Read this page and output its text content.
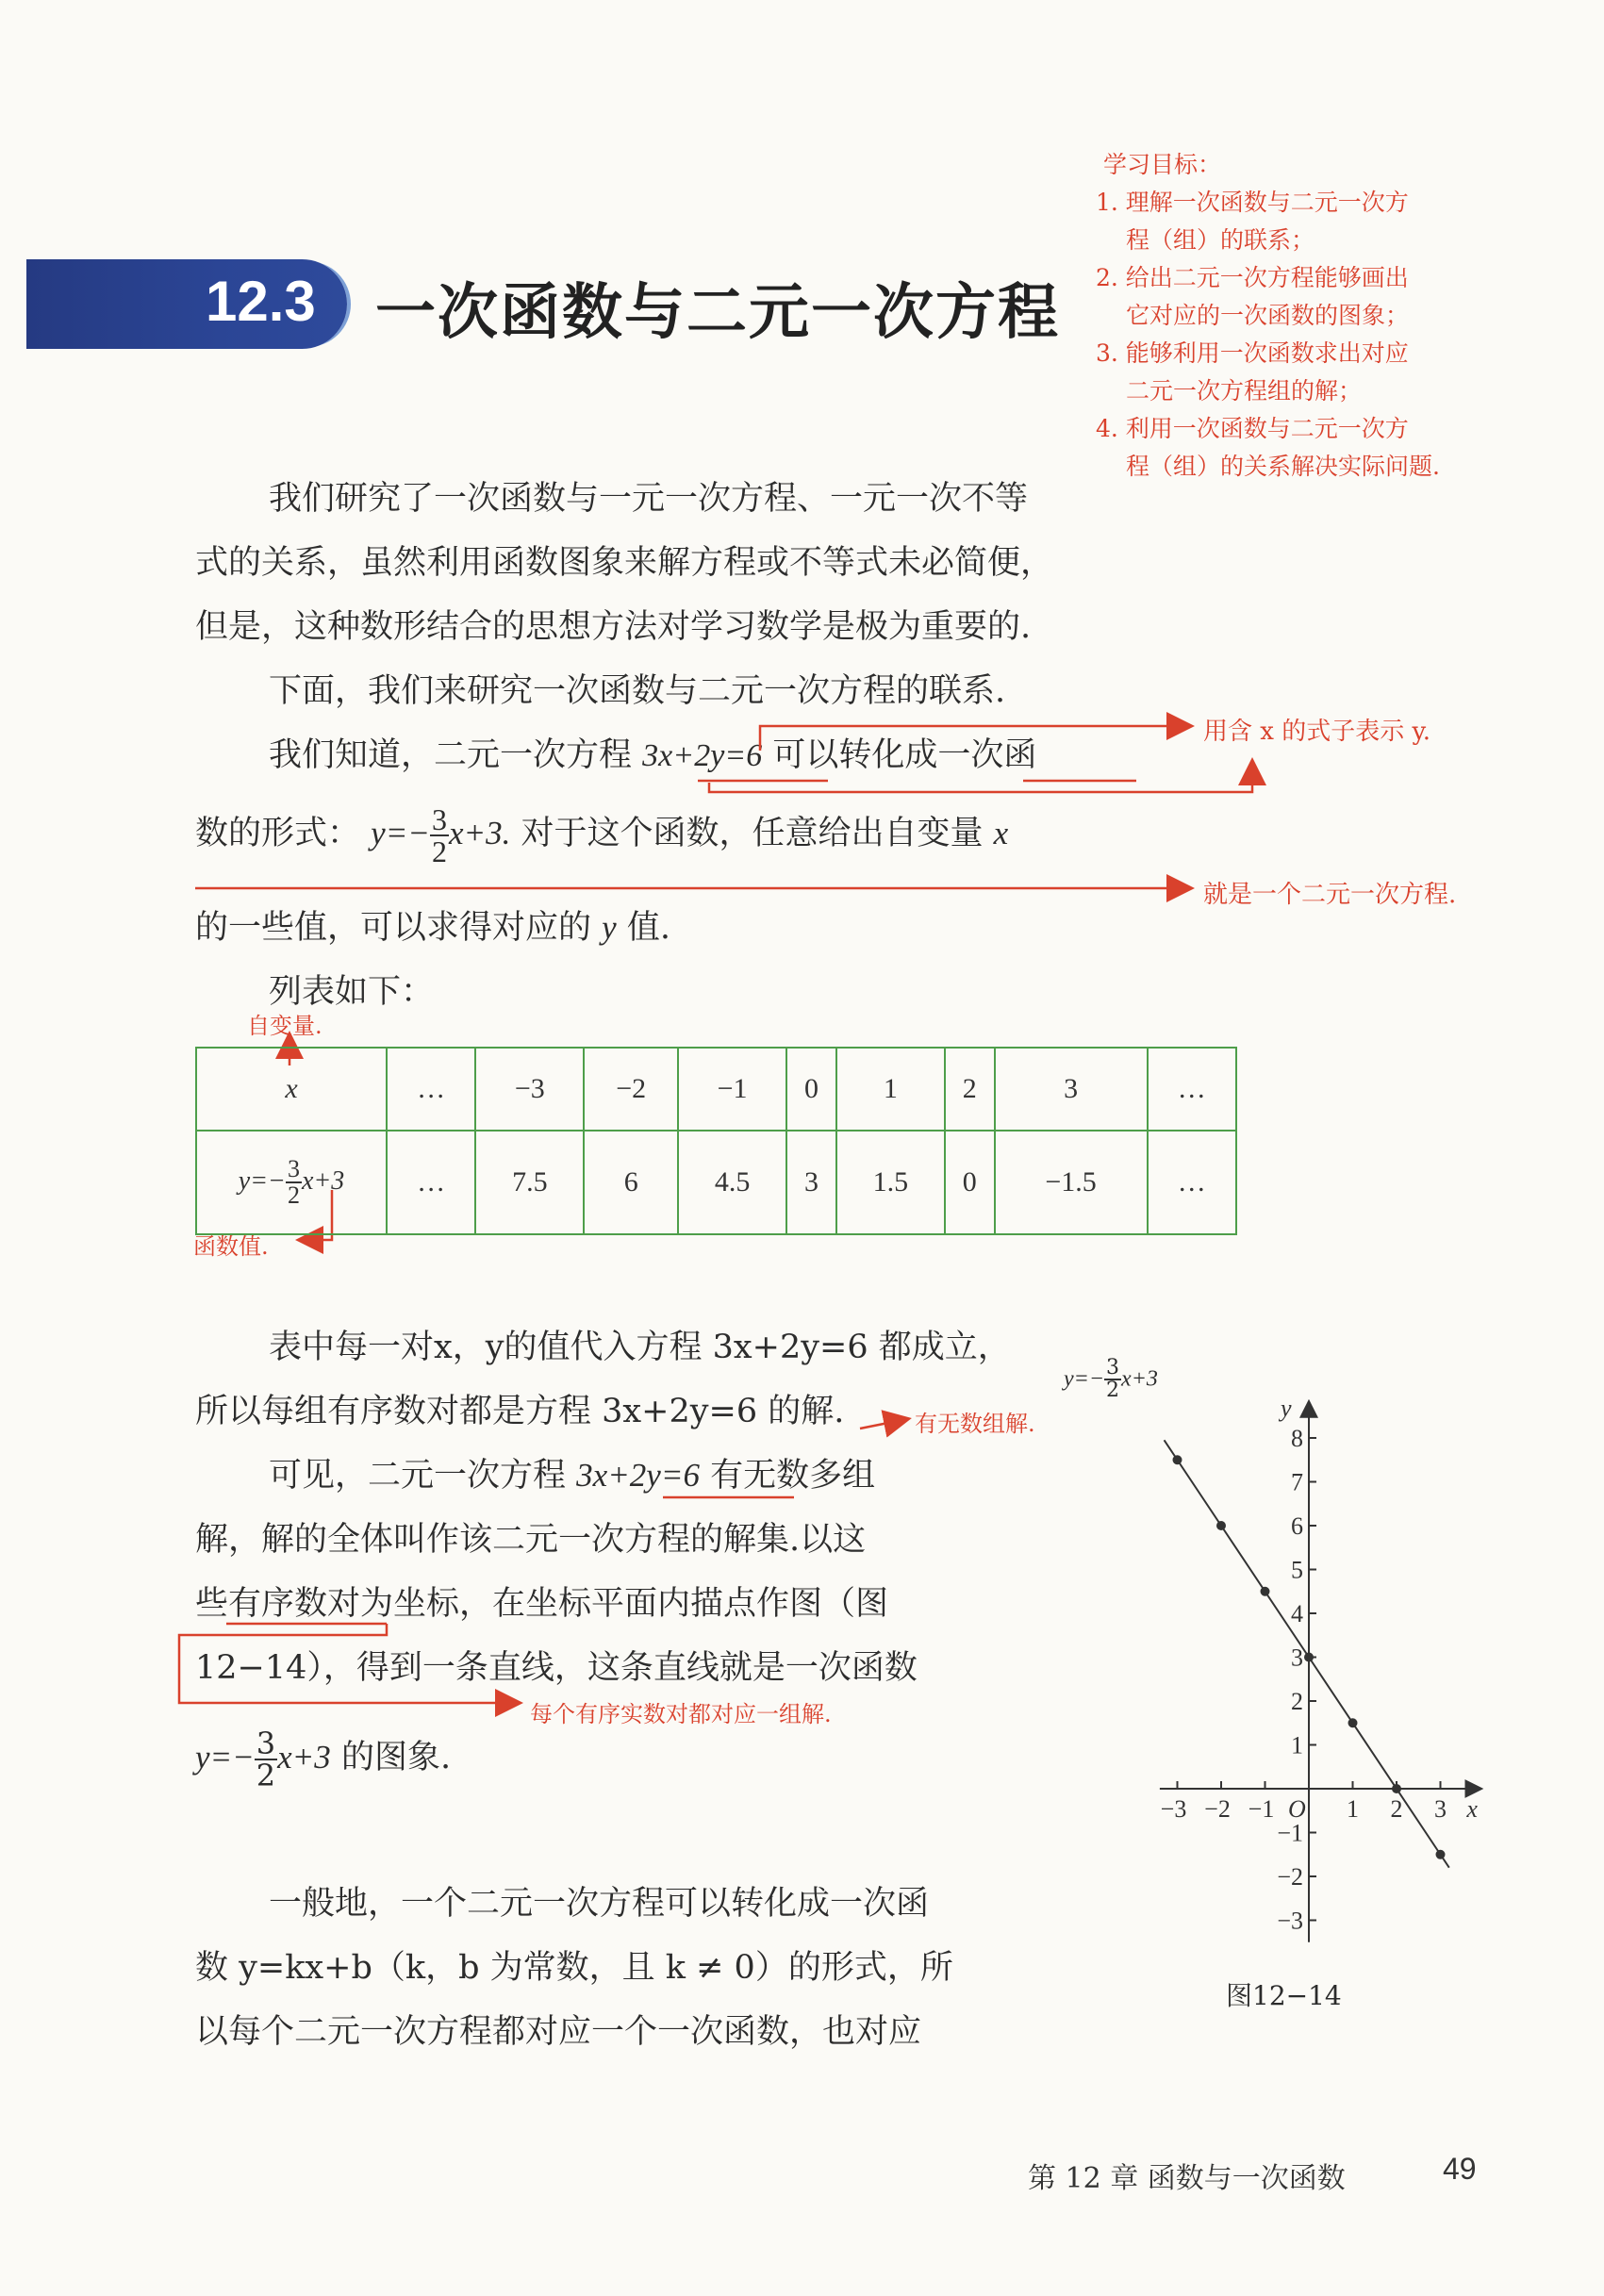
学习目标：
1. 理解一次函数与二元一次方
程（组）的联系；
2. 给出二元一次方程能够画出
它对应的一次函数的图象；
3. 能够利用一次函数求出对应
二元一次方程组的解；
4. 利用一次函数与二元一次方
程（组）的关系解决实际问题.
12.3 一次函数与二元一次方程
我们研究了一次函数与一元一次方程、一元一次不等
式的关系，虽然利用函数图象来解方程或不等式未必简便，
但是，这种数形结合的思想方法对学习数学是极为重要的.
下面，我们来研究一次函数与二元一次方程的联系.
我们知道，二元一次方程 3x+2y=6 可以转化成一次函
数的形式： $y=- \frac{3}{2} x+3$. 对于这个函数，任意给出自变量 x
的一些值，可以求得对应的 y 值.
列表如下：
用含 x 的式子表示 y.
就是一个二元一次方程.
自变量.
函数值.
有无数组解.
每个有序实数对都对应一组解.
x	…	−3	−2	−1	0	1	2	3	…
$y=- \frac{3}{2} x+3$	…	7.5	6	4.5	3	1.5	0	−1.5	…
表中每一对x，y的值代入方程 3x+2y=6 都成立，
所以每组有序数对都是方程 3x+2y=6 的解.
可见，二元一次方程 3x+2y=6 有无数多组
解，解的全体叫作该二元一次方程的解集.以这
些有序数对为坐标，在坐标平面内描点作图（图
12−14），得到一条直线，这条直线就是一次函数
$y=- \frac{3}{2} x+3$ 的图象.
一般地，一个二元一次方程可以转化成一次函
数 y=kx+b（k，b 为常数，且 k ≠ 0）的形式，所
以每个二元一次方程都对应一个一次函数，也对应
−3 −2 −1	1 2 3
−3
−2
−1
1
2
3
4
5
6
7
8
x
y
O
$y=- \frac{3}{2} x+3$
图12−14
第 12 章 函数与一次函数	49
